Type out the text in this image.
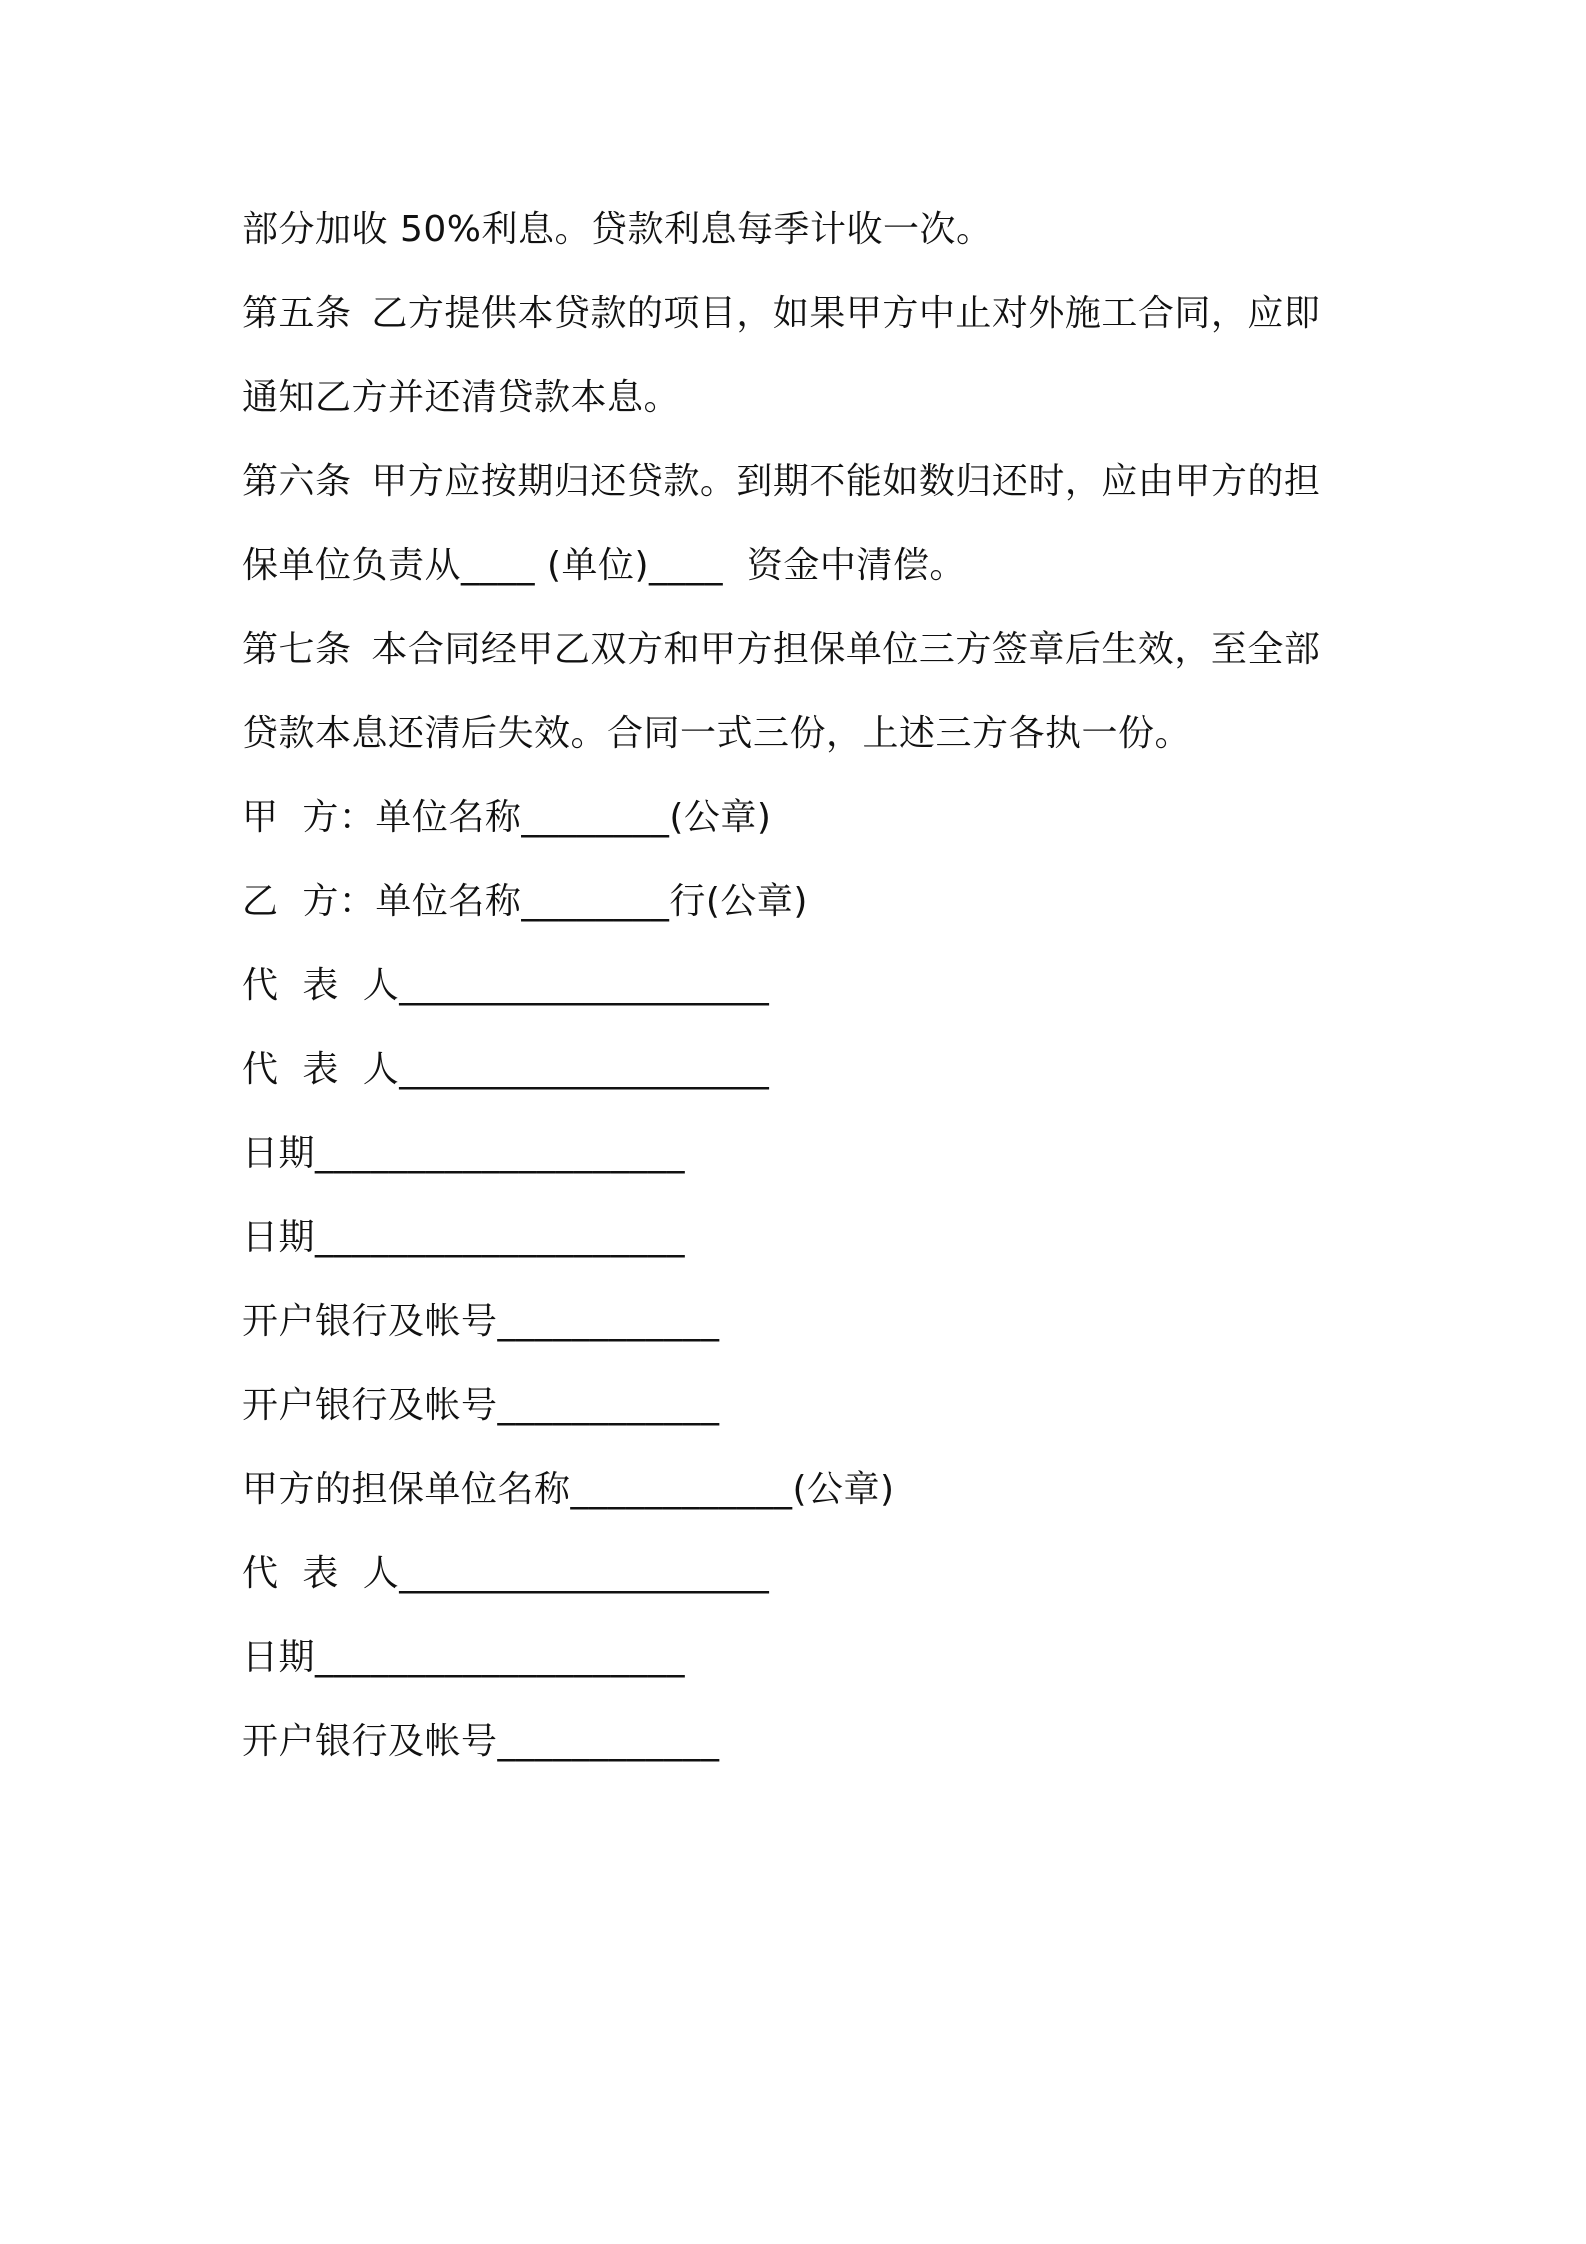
部分加收 50%利息。贷款利息每季计收一次。
第五条 乙方提供本贷款的项目，如果甲方中止对外施工合同，应即
通知乙方并还清贷款本息。
第六条 甲方应按期归还贷款。到期不能如数归还时，应由甲方的担
保单位负责从____ (单位)____  资金中清偿。
第七条 本合同经甲乙双方和甲方担保单位三方签章后生效，至全部
贷款本息还清后失效。合同一式三份，上述三方各执一份。
甲  方：单位名称________(公章)
乙  方：单位名称________行(公章)
代  表  人____________________
代  表  人____________________
日期____________________
日期____________________
开户银行及帐号____________
开户银行及帐号____________
甲方的担保单位名称____________(公章)
代  表  人____________________
日期____________________
开户银行及帐号____________
